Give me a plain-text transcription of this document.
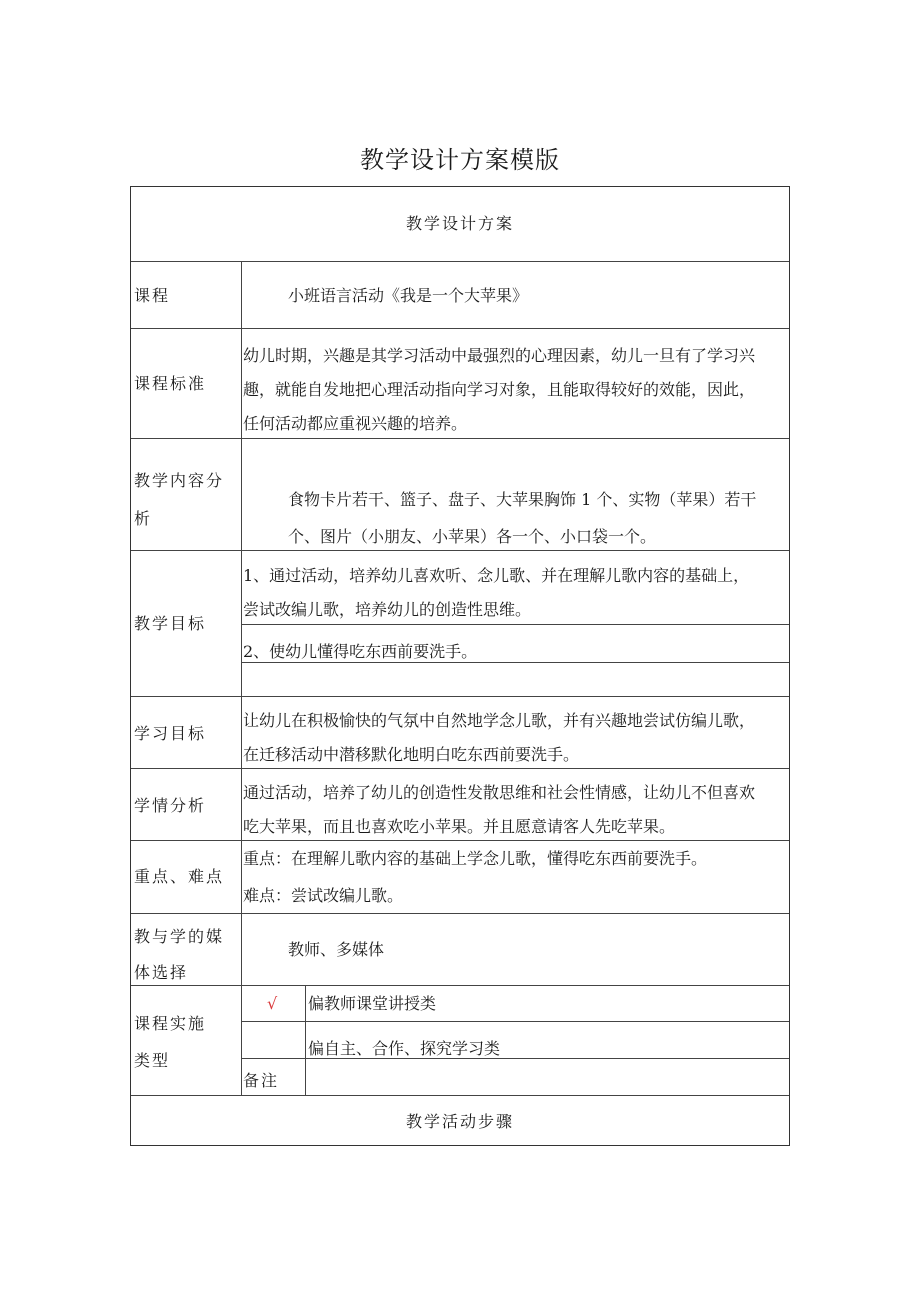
教学设计方案模版
教学设计方案
课程	小班语言活动《我是一个大苹果》
课程标准
幼儿时期，兴趣是其学习活动中最强烈的心理因素，幼儿一旦有了学习兴
趣，就能自发地把心理活动指向学习对象，且能取得较好的效能，因此，
任何活动都应重视兴趣的培养。
教学内容分
析
食物卡片若干、篮子、盘子、大苹果胸饰 1 个、实物（苹果）若干
个、图片（小朋友、小苹果）各一个、小口袋一个。
教学目标
1、通过活动，培养幼儿喜欢听、念儿歌、并在理解儿歌内容的基础上，
尝试改编儿歌，培养幼儿的创造性思维。
2、使幼儿懂得吃东西前要洗手。
学习目标
让幼儿在积极愉快的气氛中自然地学念儿歌，并有兴趣地尝试仿编儿歌，
在迁移活动中潜移默化地明白吃东西前要洗手。
学情分析
通过活动，培养了幼儿的创造性发散思维和社会性情感，让幼儿不但喜欢
吃大苹果，而且也喜欢吃小苹果。并且愿意请客人先吃苹果。
重点、难点
重点：在理解儿歌内容的基础上学念儿歌，懂得吃东西前要洗手。
难点：尝试改编儿歌。
教与学的媒
体选择
教师、多媒体
课程实施
类型
√ 偏教师课堂讲授类
偏自主、合作、探究学习类
备注
教学活动步骤
